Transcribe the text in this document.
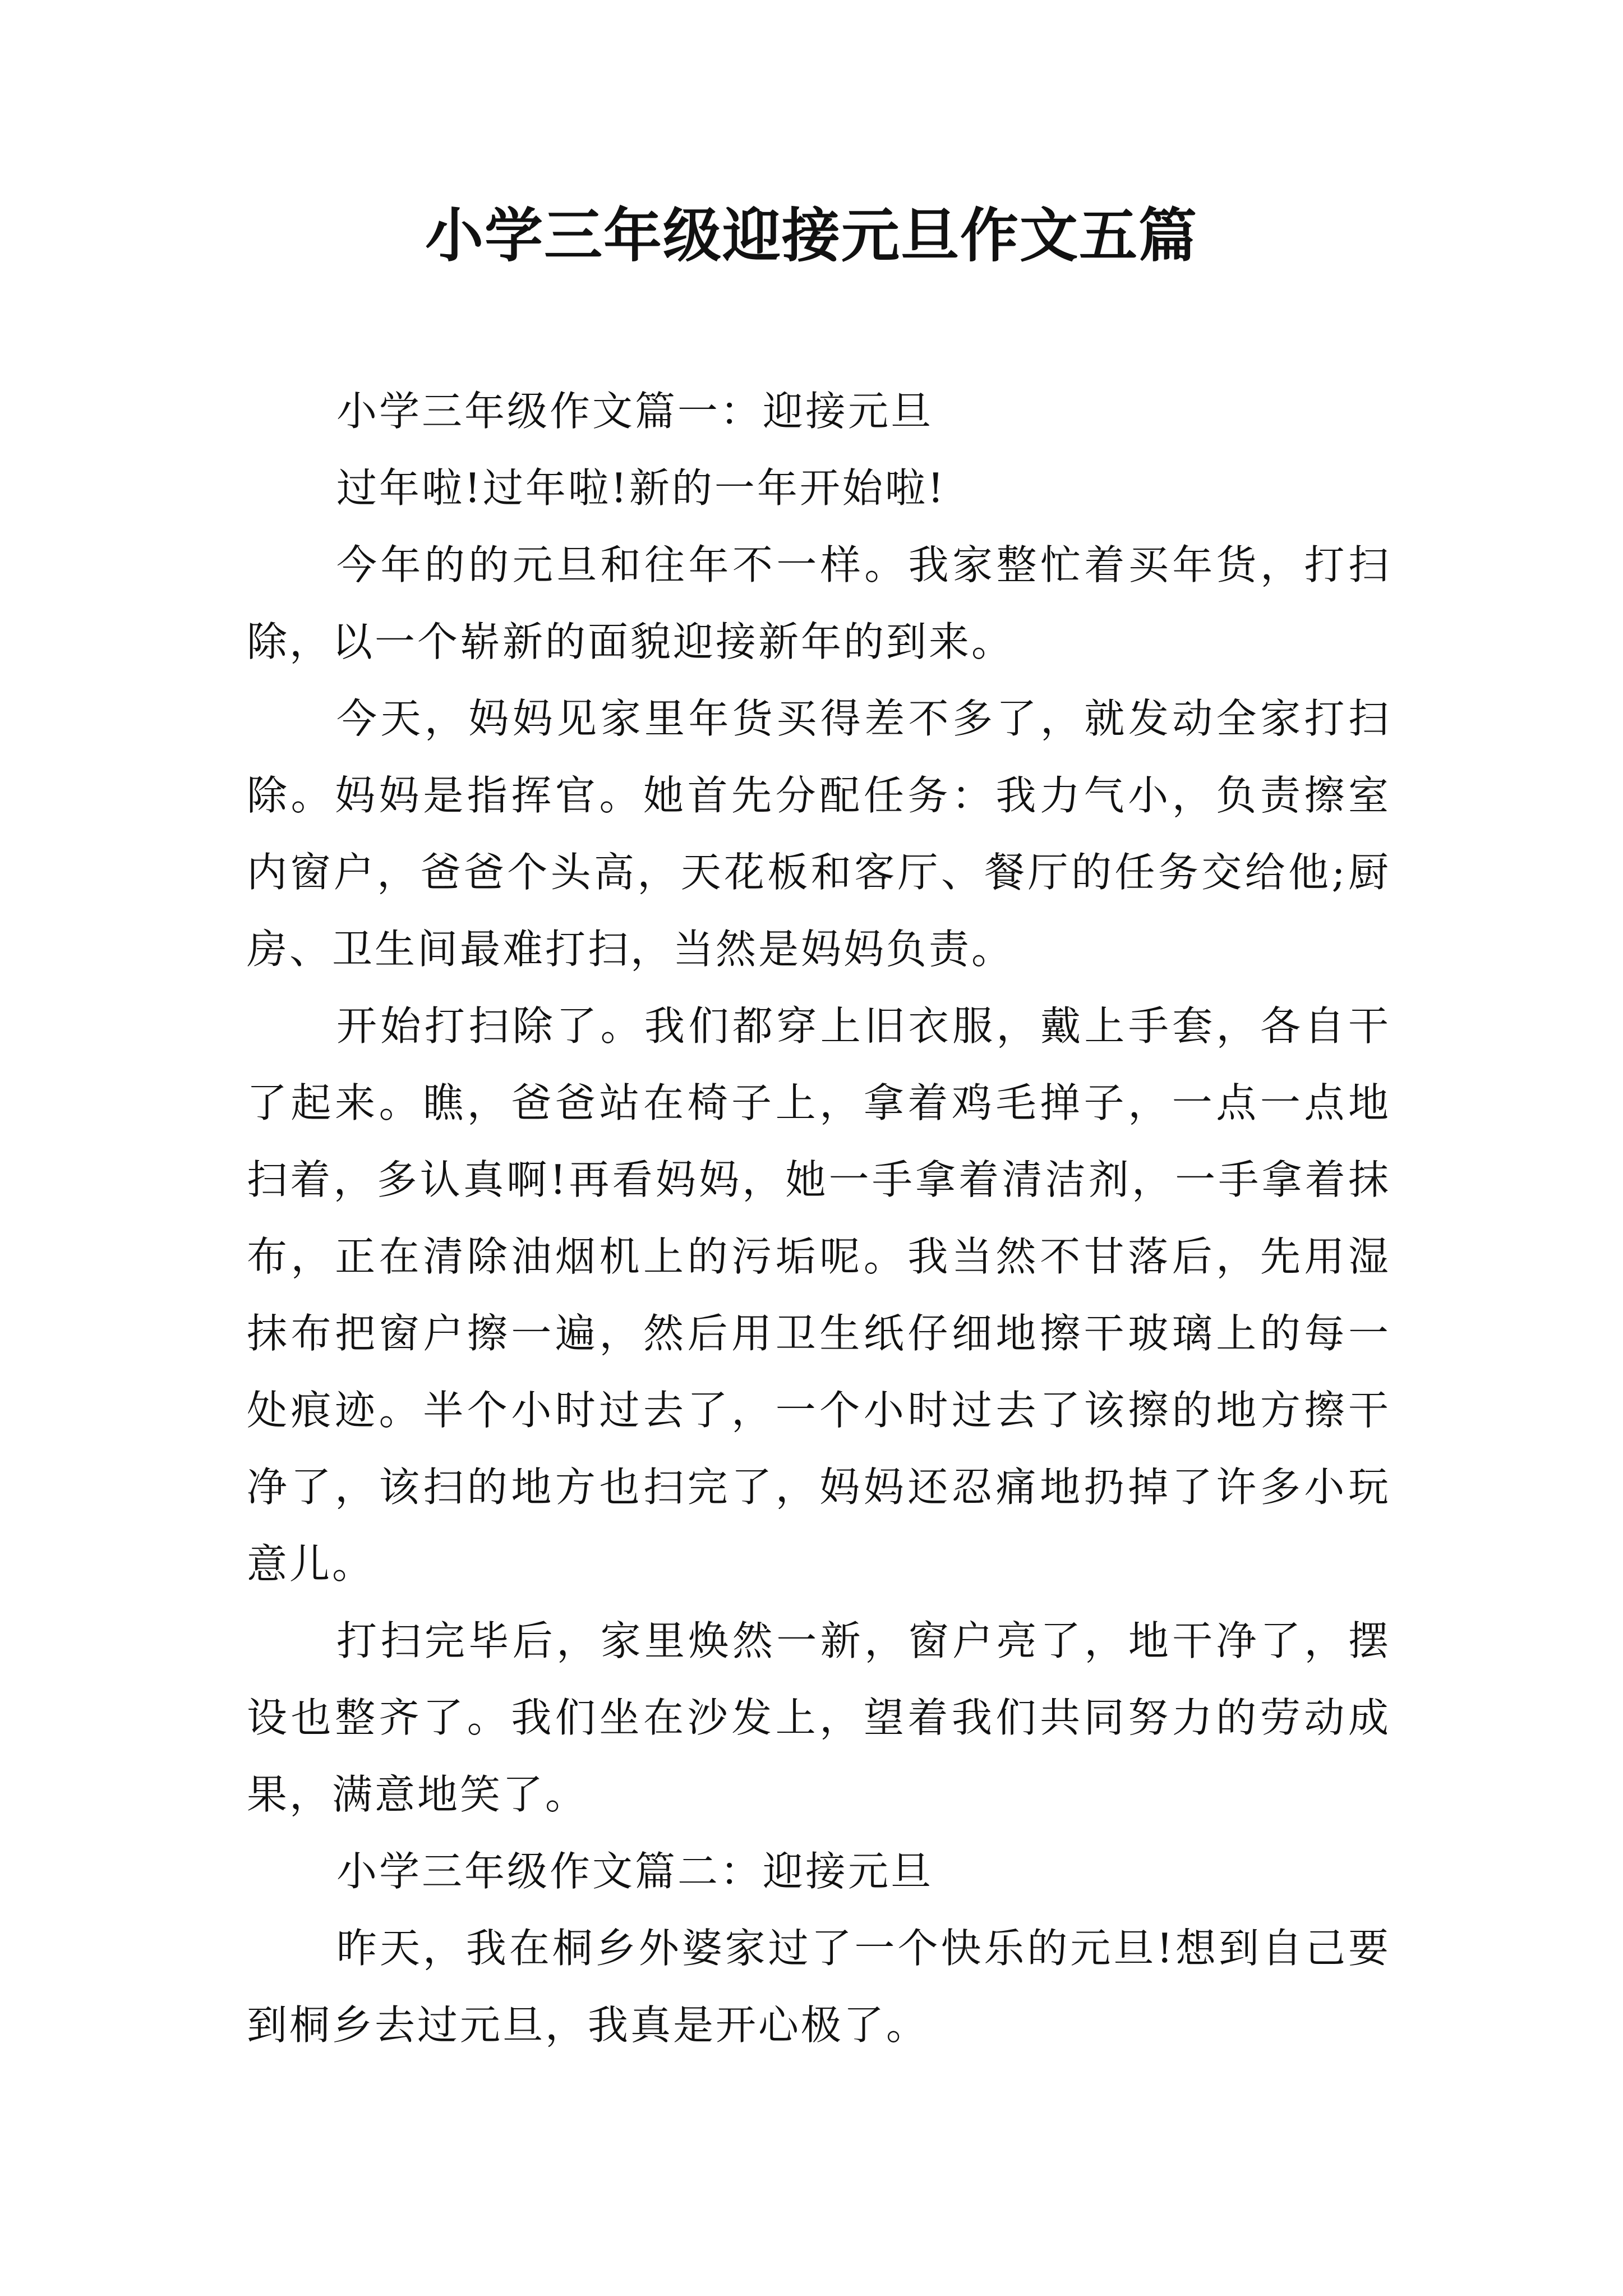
小学三年级迎接元旦作文五篇

小学三年级作文篇一：迎接元旦

过年啦!过年啦!新的一年开始啦!

今年的的元旦和往年不一样。我家整忙着买年货，打扫除，以一个崭新的面貌迎接新年的到来。

今天，妈妈见家里年货买得差不多了，就发动全家打扫除。妈妈是指挥官。她首先分配任务：我力气小，负责擦室内窗户，爸爸个头高，天花板和客厅、餐厅的任务交给他;厨房、卫生间最难打扫，当然是妈妈负责。

开始打扫除了。我们都穿上旧衣服，戴上手套，各自干了起来。瞧，爸爸站在椅子上，拿着鸡毛掸子，一点一点地扫着，多认真啊!再看妈妈，她一手拿着清洁剂，一手拿着抹布，正在清除油烟机上的污垢呢。我当然不甘落后，先用湿抹布把窗户擦一遍，然后用卫生纸仔细地擦干玻璃上的每一处痕迹。半个小时过去了，一个小时过去了该擦的地方擦干净了，该扫的地方也扫完了，妈妈还忍痛地扔掉了许多小玩意儿。

打扫完毕后，家里焕然一新，窗户亮了，地干净了，摆设也整齐了。我们坐在沙发上，望着我们共同努力的劳动成果，满意地笑了。

小学三年级作文篇二：迎接元旦

昨天，我在桐乡外婆家过了一个快乐的元旦!想到自己要到桐乡去过元旦，我真是开心极了。
